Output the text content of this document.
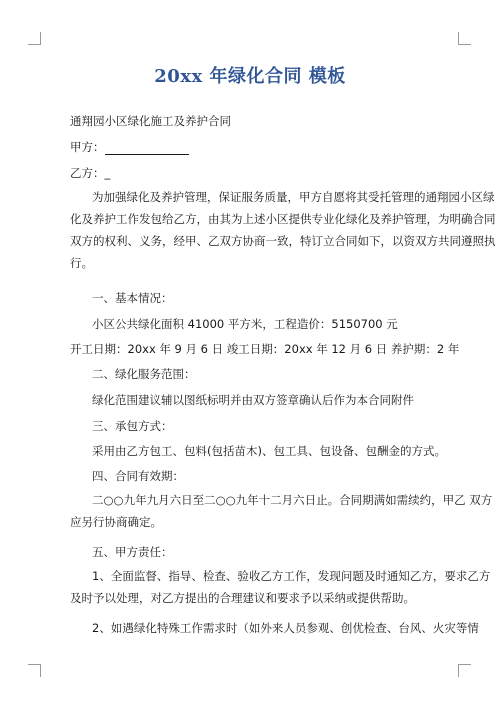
20xx 年绿化合同 模板
通翔园小区绿化施工及养护合同
甲方：
乙方：_
为加强绿化及养护管理，保证服务质量，甲方自愿将其受托管理的通翔园小区绿
化及养护工作发包给乙方，由其为上述小区提供专业化绿化及养护管理，为明确合同
双方的权利、义务，经甲、乙双方协商一致，特订立合同如下，以资双方共同遵照执
行。
一、基本情况：
小区公共绿化面积 41000 平方米，工程造价：5150700 元
开工日期：20xx 年 9 月 6 日 竣工日期：20xx 年 12 月 6 日 养护期：2 年
二、绿化服务范围：
绿化范围建议辅以图纸标明并由双方签章确认后作为本合同附件
三、承包方式：
采用由乙方包工、包料(包括苗木)、包工具、包设备、包酬金的方式。
四、合同有效期：
二○○九年九月六日至二○○九年十二月六日止。合同期满如需续约，甲乙 双方
应另行协商确定。
五、甲方责任：
1、全面监督、指导、检查、验收乙方工作，发现问题及时通知乙方，要求乙方
及时予以处理，对乙方提出的合理建议和要求予以采纳或提供帮助。
2、如遇绿化特殊工作需求时（如外来人员参观、创优检查、台风、火灾等情
